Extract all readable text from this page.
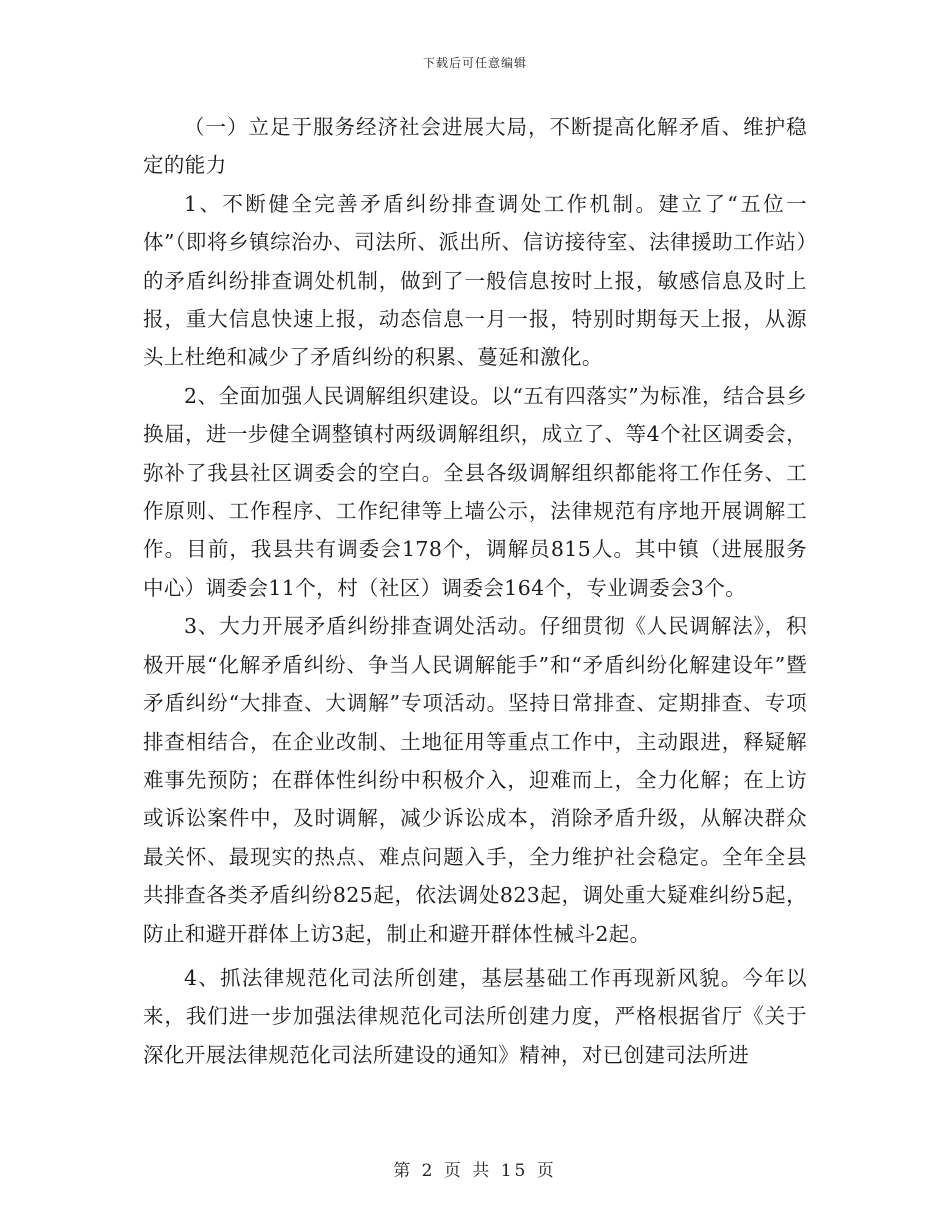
下载后可任意编辑

（一）立足于服务经济社会进展大局，不断提高化解矛盾、维护稳定的能力

1、不断健全完善矛盾纠纷排查调处工作机制。建立了“五位一体”（即将乡镇综治办、司法所、派出所、信访接待室、法律援助工作站）的矛盾纠纷排查调处机制，做到了一般信息按时上报，敏感信息及时上报，重大信息快速上报，动态信息一月一报，特别时期每天上报，从源头上杜绝和减少了矛盾纠纷的积累、蔓延和激化。

2、全面加强人民调解组织建设。以“五有四落实”为标准，结合县乡换届，进一步健全调整镇村两级调解组织，成立了、等4个社区调委会，弥补了我县社区调委会的空白。全县各级调解组织都能将工作任务、工作原则、工作程序、工作纪律等上墙公示，法律规范有序地开展调解工作。目前，我县共有调委会178个，调解员815人。其中镇（进展服务中心）调委会11个，村（社区）调委会164个，专业调委会3个。

3、大力开展矛盾纠纷排查调处活动。仔细贯彻《人民调解法》，积极开展“化解矛盾纠纷、争当人民调解能手”和“矛盾纠纷化解建设年”暨矛盾纠纷“大排查、大调解”专项活动。坚持日常排查、定期排查、专项排查相结合，在企业改制、土地征用等重点工作中，主动跟进，释疑解难事先预防；在群体性纠纷中积极介入，迎难而上，全力化解；在上访或诉讼案件中，及时调解，减少诉讼成本，消除矛盾升级，从解决群众最关怀、最现实的热点、难点问题入手，全力维护社会稳定。全年全县共排查各类矛盾纠纷825起，依法调处823起，调处重大疑难纠纷5起，防止和避开群体上访3起，制止和避开群体性械斗2起。

4、抓法律规范化司法所创建，基层基础工作再现新风貌。今年以来，我们进一步加强法律规范化司法所创建力度，严格根据省厅《关于深化开展法律规范化司法所建设的通知》精神，对已创建司法所进

第 2 页 共 15 页
